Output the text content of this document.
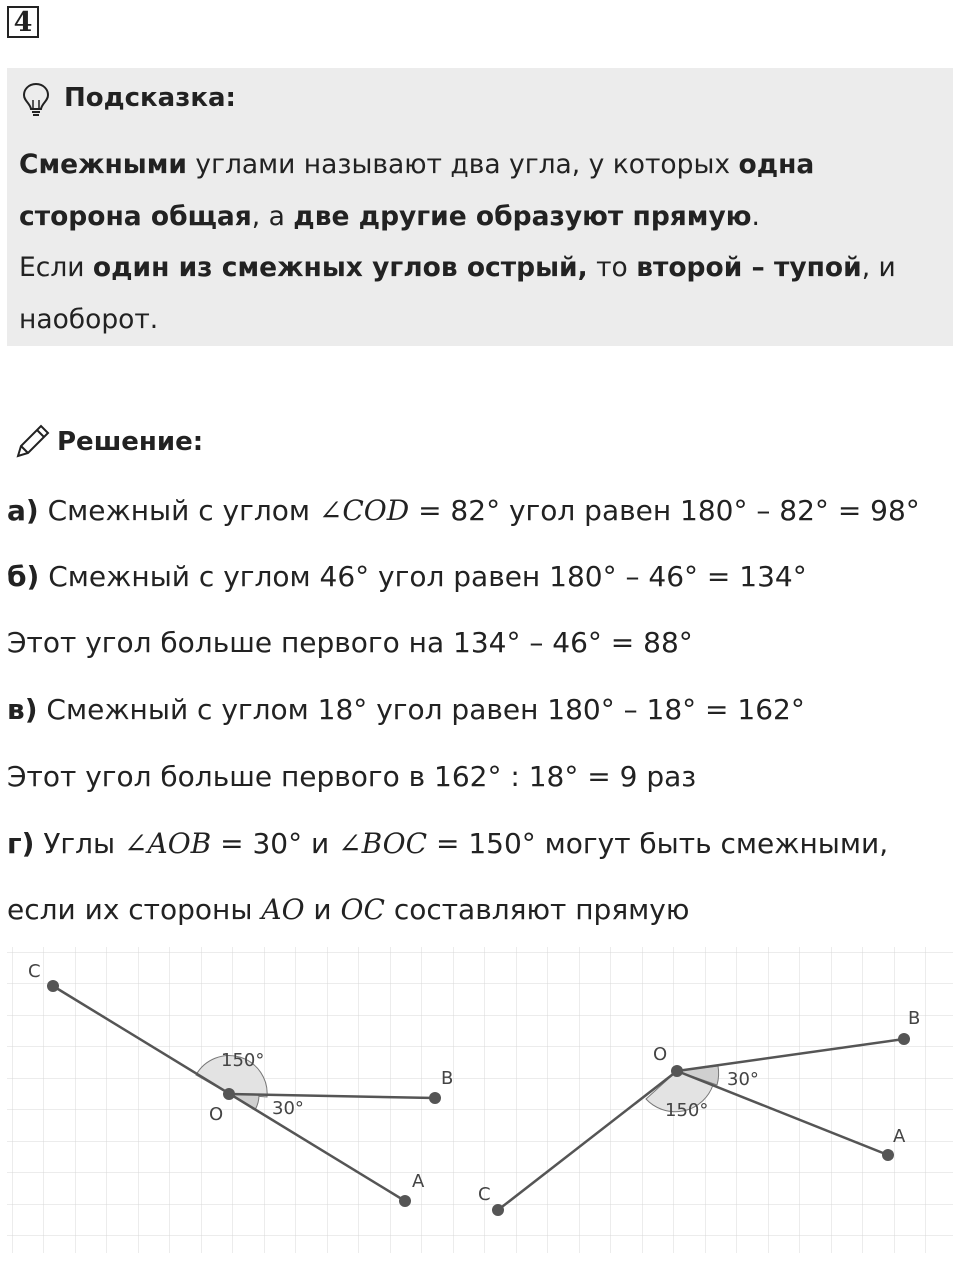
4
Подсказка:
Смежными углами называют два угла, у которых одна сторона общая, а две другие образуют прямую.
Если один из смежных углов острый, то второй – тупой, и наоборот.
Решение:
а) Смежный с углом ∠COD = 82° угол равен 180° – 82° = 98°
б) Смежный с углом 46° угол равен 180° – 46° = 134°
Этот угол больше первого на 134° – 46° = 88°
в) Смежный с углом 18° угол равен 180° – 18° = 162°
Этот угол больше первого в 162° : 18° = 9 раз
г) Углы ∠AOB = 30° и ∠BOC = 150° могут быть смежными,
если их стороны AO и OC составляют прямую
C
O
B
A
150°
30°
O
B
A
C
150°
30°
